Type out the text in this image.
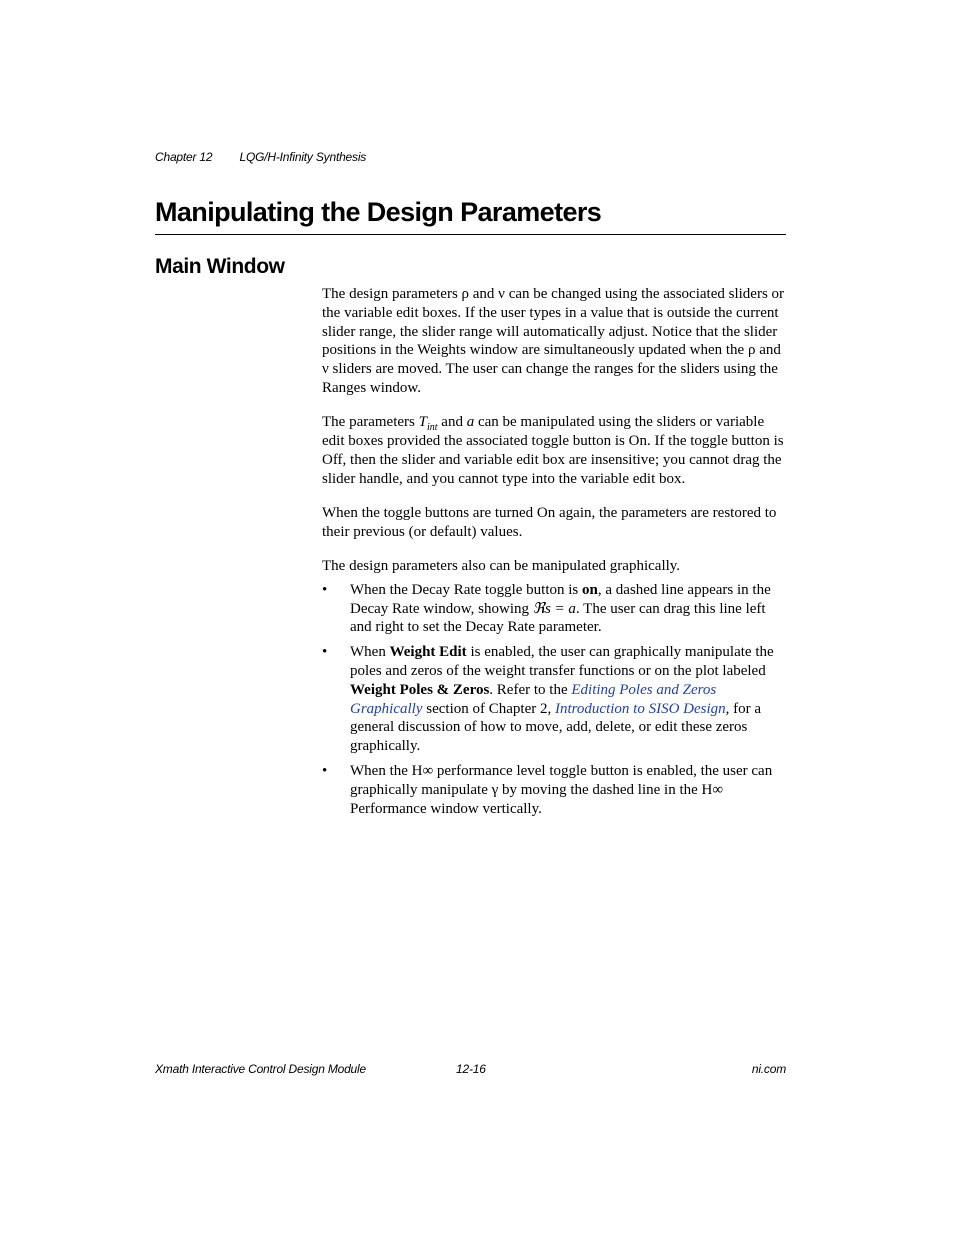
Chapter 12 LQG/H-Infinity Synthesis
Manipulating the Design Parameters
Main Window

The design parameters ρ and ν can be changed using the associated sliders or the variable edit boxes. If the user types in a value that is outside the current slider range, the slider range will automatically adjust. Notice that the slider positions in the Weights window are simultaneously updated when the ρ and ν sliders are moved. The user can change the ranges for the sliders using the Ranges window.

The parameters $T_{int}$ and a can be manipulated using the sliders or variable edit boxes provided the associated toggle button is On. If the toggle button is Off, then the slider and variable edit box are insensitive; you cannot drag the slider handle, and you cannot type into the variable edit box.

When the toggle buttons are turned On again, the parameters are restored to their previous (or default) values.

The design parameters also can be manipulated graphically.

• When the Decay Rate toggle button is on, a dashed line appears in the Decay Rate window, showing ℜs = a. The user can drag this line left and right to set the Decay Rate parameter.
• When Weight Edit is enabled, the user can graphically manipulate the poles and zeros of the weight transfer functions or on the plot labeled Weight Poles & Zeros. Refer to the Editing Poles and Zeros Graphically section of Chapter 2, Introduction to SISO Design, for a general discussion of how to move, add, delete, or edit these zeros graphically.
• When the H∞ performance level toggle button is enabled, the user can graphically manipulate γ by moving the dashed line in the H∞ Performance window vertically.
Xmath Interactive Control Design Module	12-16	ni.com
